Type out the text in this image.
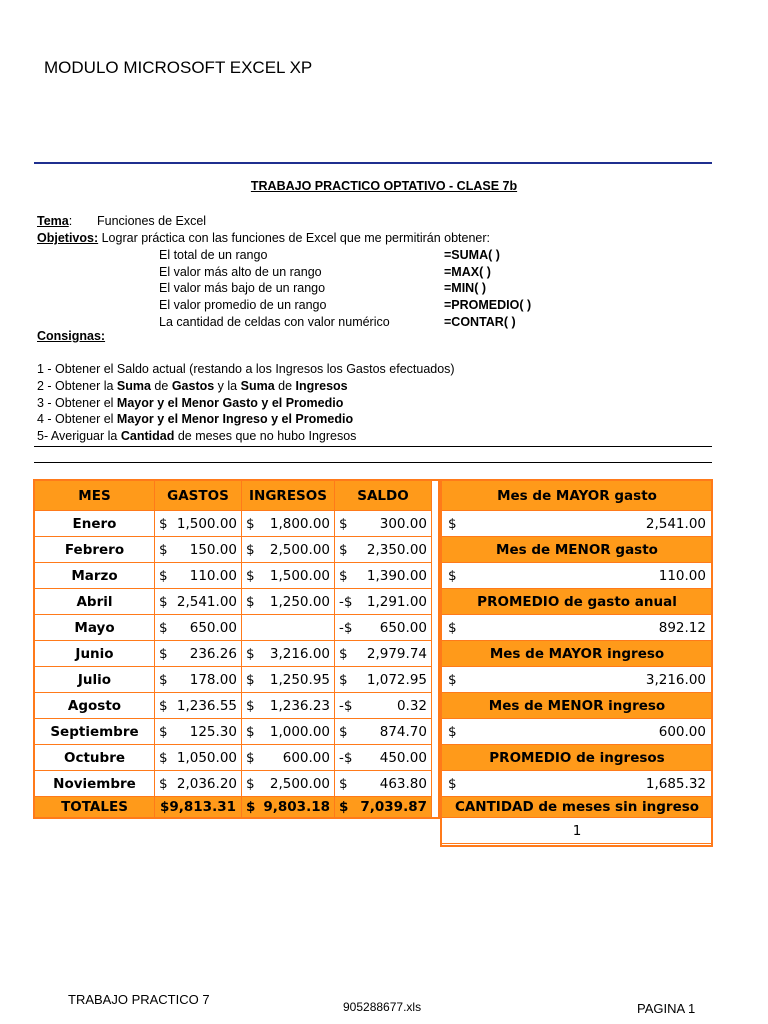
MODULO MICROSOFT EXCEL XP
TRABAJO PRACTICO OPTATIVO - CLASE 7b
Tema: Funciones de Excel
Objetivos: Lograr práctica con las funciones de Excel que me permitirán obtener:
El total de un rango	=SUMA( )
El valor más alto de un rango	=MAX( )
El valor más bajo de un rango	=MIN( )
El valor promedio de un rango	=PROMEDIO( )
La cantidad de celdas con valor numérico	=CONTAR( )
Consignas:
1 - Obtener el Saldo actual (restando a los Ingresos los Gastos efectuados)
2 - Obtener la Suma de Gastos y la Suma de Ingresos
3 - Obtener el Mayor y el Menor Gasto y el Promedio
4 - Obtener el Mayor y el Menor Ingreso y el Promedio
5- Averiguar la Cantidad de meses que no hubo Ingresos
MES	GASTOS	INGRESOS	SALDO
Enero	$ 1,500.00	$ 1,800.00	$ 300.00

Febrero	$ 150.00	$ 2,500.00	$ 2,350.00

Marzo	$ 110.00	$ 1,500.00	$ 1,390.00

Abril	$ 2,541.00	$ 1,250.00	-$ 1,291.00

Mayo	$ 650.00		-$ 650.00

Junio	$ 236.26	$ 3,216.00	$ 2,979.74

Julio	$ 178.00	$ 1,250.95	$ 1,072.95

Agosto	$ 1,236.55	$ 1,236.23	-$ 0.32

Septiembre	$ 125.30	$ 1,000.00	$ 874.70

Octubre	$ 1,050.00	$ 600.00	-$ 450.00

Noviembre	$ 2,036.20	$ 2,500.00	$ 463.80

TOTALES	$9,813.31	$ 9,803.18	$ 7,039.87
Mes de MAYOR gasto

$	2,541.00

Mes de MENOR gasto

$	110.00

PROMEDIO de gasto anual

$	892.12

Mes de MAYOR ingreso

$	3,216.00

Mes de MENOR ingreso

$	600.00

PROMEDIO de ingresos

$	1,685.32

CANTIDAD de meses sin ingreso
1
TRABAJO PRACTICO 7	905288677.xls	PAGINA 1
